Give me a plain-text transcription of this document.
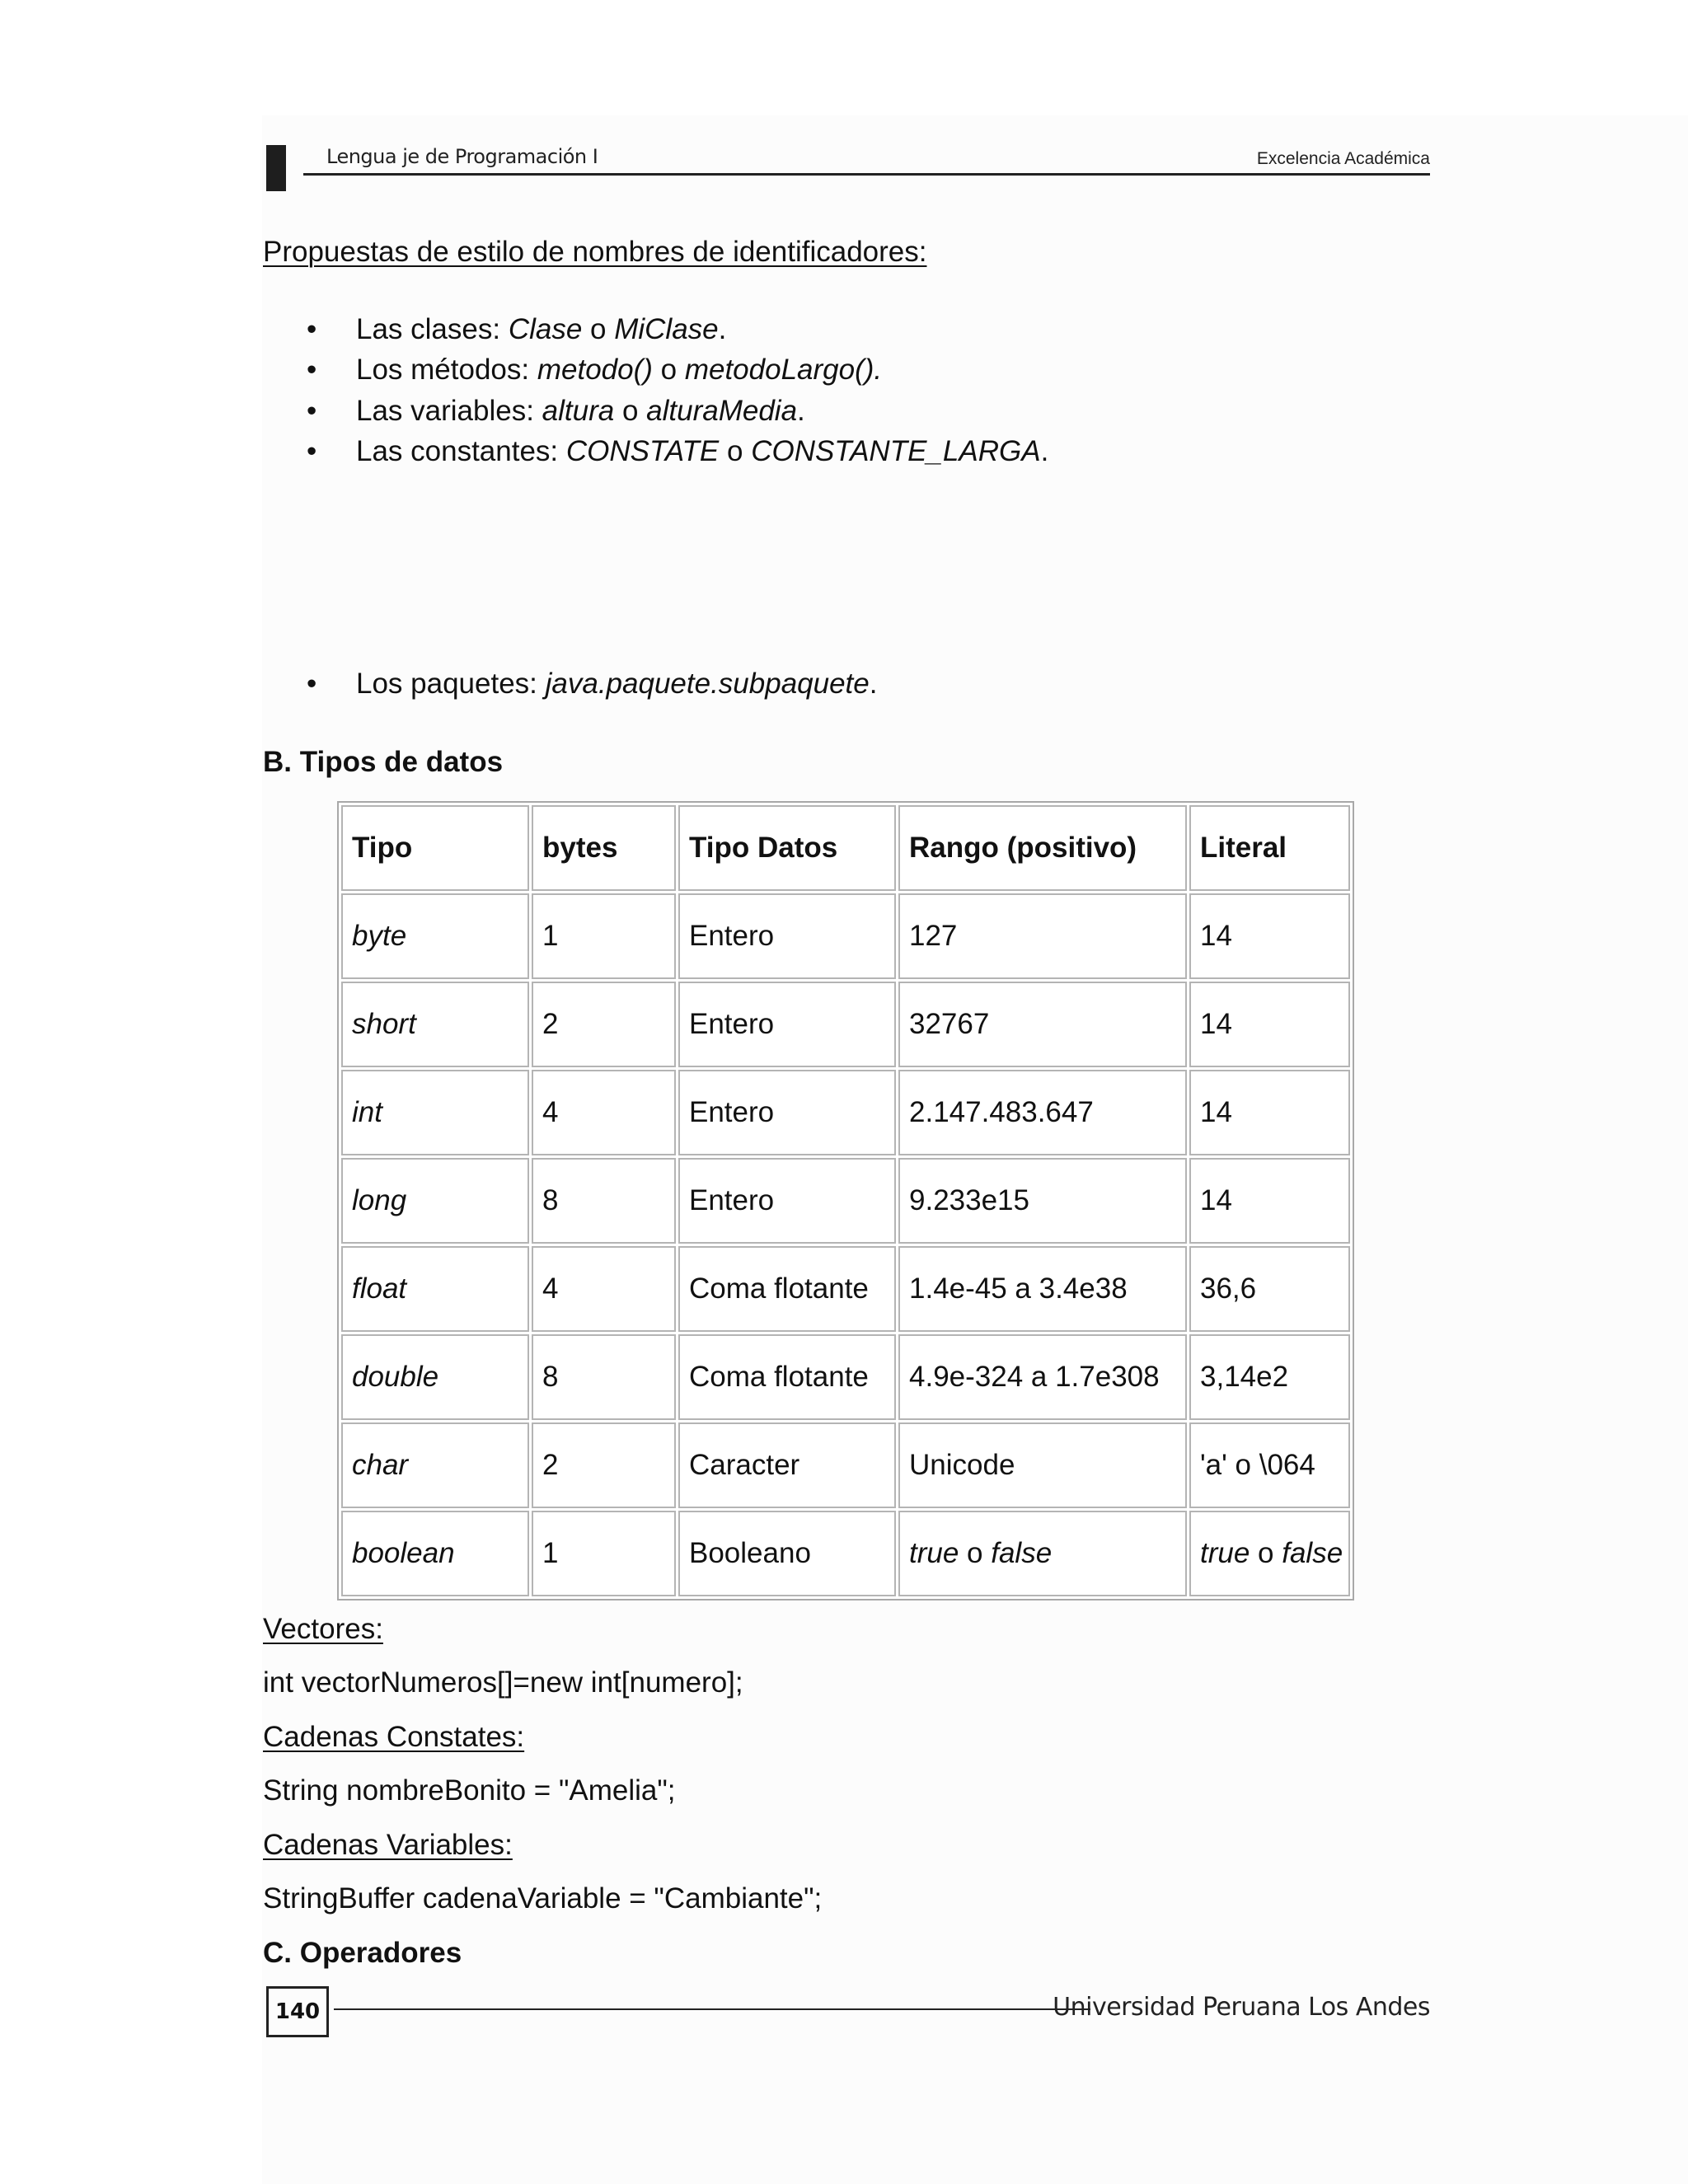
Lengua je de Programación I	Excelencia Académica
Propuestas de estilo de nombres de identificadores:
• Las clases: Clase o MiClase.
• Los métodos: metodo() o metodoLargo().
• Las variables: altura o alturaMedia.
• Las constantes: CONSTATE o CONSTANTE_LARGA.
• Los paquetes: java.paquete.subpaquete.
B. Tipos de datos
Tipo	bytes	Tipo Datos	Rango (positivo)	Literal
byte	1	Entero	127	14
short	2	Entero	32767	14
int	4	Entero	2.147.483.647	14
long	8	Entero	9.233e15	14
float	4	Coma flotante	1.4e-45 a 3.4e38	36,6
double	8	Coma flotante	4.9e-324 a 1.7e308	3,14e2
char	2	Caracter	Unicode	'a' o \064
boolean	1	Booleano	true o false	true o false
Vectores:
int vectorNumeros[]=new int[numero];
Cadenas Constates:
String nombreBonito = "Amelia";
Cadenas Variables:
StringBuffer cadenaVariable = "Cambiante";
C. Operadores
140	Universidad Peruana Los Andes
